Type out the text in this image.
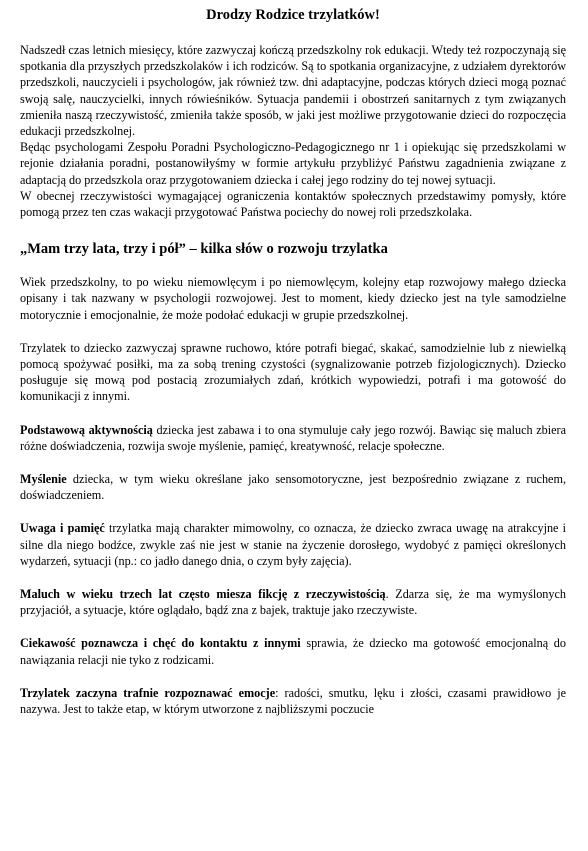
Drodzy Rodzice trzylatków!

Nadszedł czas letnich miesięcy, które zazwyczaj kończą przedszkolny rok edukacji. Wtedy też rozpoczynają się spotkania dla przyszłych przedszkolaków i ich rodziców. Są to spotkania organizacyjne, z udziałem dyrektorów przedszkoli, nauczycieli i psychologów, jak również tzw. dni adaptacyjne, podczas których dzieci mogą poznać swoją salę, nauczycielki, innych rówieśników. Sytuacja pandemii i obostrzeń sanitarnych z tym związanych zmieniła naszą rzeczywistość, zmieniła także sposób, w jaki jest możliwe przygotowanie dzieci do rozpoczęcia edukacji przedszkolnej.

Będąc psychologami Zespołu Poradni Psychologiczno-Pedagogicznego nr 1 i opiekując się przedszkolami w rejonie działania poradni, postanowiłyśmy w formie artykułu przybliżyć Państwu zagadnienia związane z adaptacją do przedszkola oraz przygotowaniem dziecka i całej jego rodziny do tej nowej sytuacji.

W obecnej rzeczywistości wymagającej ograniczenia kontaktów społecznych przedstawimy pomysły, które pomogą przez ten czas wakacji przygotować Państwa pociechy do nowej roli przedszkolaka.

„Mam trzy lata, trzy i pół” – kilka słów o rozwoju trzylatka

Wiek przedszkolny, to po wieku niemowlęcym i po niemowlęcym, kolejny etap rozwojowy małego dziecka opisany i tak nazwany w psychologii rozwojowej. Jest to moment, kiedy dziecko jest na tyle samodzielne motorycznie i emocjonalnie, że może podołać edukacji w grupie przedszkolnej.

Trzylatek to dziecko zazwyczaj sprawne ruchowo, które potrafi biegać, skakać, samodzielnie lub z niewielką pomocą spożywać posiłki, ma za sobą trening czystości (sygnalizowanie potrzeb fizjologicznych). Dziecko posługuje się mową pod postacią zrozumiałych zdań, krótkich wypowiedzi, potrafi i ma gotowość do komunikacji z innymi.

Podstawową aktywnością dziecka jest zabawa i to ona stymuluje cały jego rozwój. Bawiąc się maluch zbiera różne doświadczenia, rozwija swoje myślenie, pamięć, kreatywność, relacje społeczne.

Myślenie dziecka, w tym wieku określane jako sensomotoryczne, jest bezpośrednio związane z ruchem, doświadczeniem.

Uwaga i pamięć trzylatka mają charakter mimowolny, co oznacza, że dziecko zwraca uwagę na atrakcyjne i silne dla niego bodźce, zwykle zaś nie jest w stanie na życzenie dorosłego, wydobyć z pamięci określonych wydarzeń, sytuacji (np.: co jadło danego dnia, o czym były zajęcia).

Maluch w wieku trzech lat często miesza fikcję z rzeczywistością. Zdarza się, że ma wymyślonych przyjaciół, a sytuacje, które oglądało, bądź zna z bajek, traktuje jako rzeczywiste.

Ciekawość poznawcza i chęć do kontaktu z innymi sprawia, że dziecko ma gotowość emocjonalną do nawiązania relacji nie tyko z rodzicami.

Trzylatek zaczyna trafnie rozpoznawać emocje: radości, smutku, lęku i złości, czasami prawidłowo je nazywa. Jest to także etap, w którym utworzone z najbliższymi poczucie
